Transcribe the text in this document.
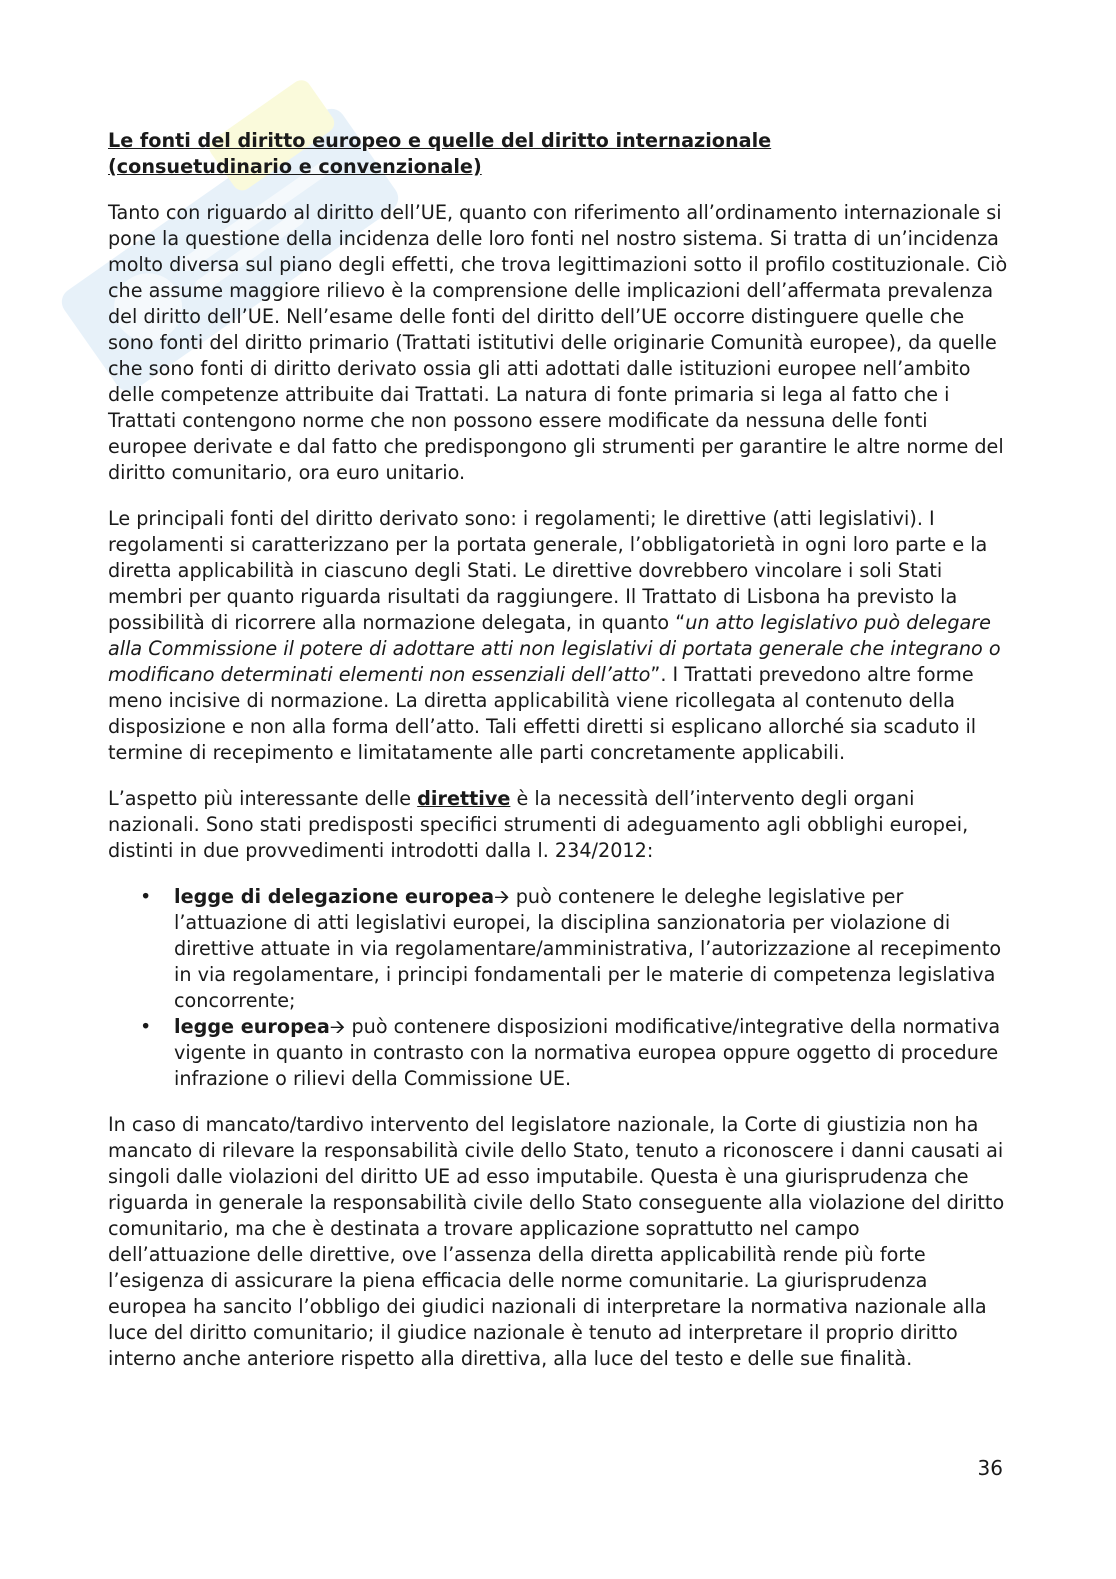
Le fonti del diritto europeo e quelle del diritto internazionale
(consuetudinario e convenzionale)

Tanto con riguardo al diritto dell’UE, quanto con riferimento all’ordinamento internazionale si pone la questione della incidenza delle loro fonti nel nostro sistema. Si tratta di un’incidenza molto diversa sul piano degli effetti, che trova legittimazioni sotto il profilo costituzionale. Ciò che assume maggiore rilievo è la comprensione delle implicazioni dell’affermata prevalenza del diritto dell’UE. Nell’esame delle fonti del diritto dell’UE occorre distinguere quelle che sono fonti del diritto primario (Trattati istitutivi delle originarie Comunità europee), da quelle che sono fonti di diritto derivato ossia gli atti adottati dalle istituzioni europee nell’ambito delle competenze attribuite dai Trattati. La natura di fonte primaria si lega al fatto che i Trattati contengono norme che non possono essere modificate da nessuna delle fonti europee derivate e dal fatto che predispongono gli strumenti per garantire le altre norme del diritto comunitario, ora euro unitario.

Le principali fonti del diritto derivato sono: i regolamenti; le direttive (atti legislativi). I regolamenti si caratterizzano per la portata generale, l’obbligatorietà in ogni loro parte e la diretta applicabilità in ciascuno degli Stati. Le direttive dovrebbero vincolare i soli Stati membri per quanto riguarda risultati da raggiungere. Il Trattato di Lisbona ha previsto la possibilità di ricorrere alla normazione delegata, in quanto “un atto legislativo può delegare alla Commissione il potere di adottare atti non legislativi di portata generale che integrano o modificano determinati elementi non essenziali dell’atto”. I Trattati prevedono altre forme meno incisive di normazione. La diretta applicabilità viene ricollegata al contenuto della disposizione e non alla forma dell’atto. Tali effetti diretti si esplicano allorché sia scaduto il termine di recepimento e limitatamente alle parti concretamente applicabili.

L’aspetto più interessante delle direttive è la necessità dell’intervento degli organi nazionali. Sono stati predisposti specifici strumenti di adeguamento agli obblighi europei, distinti in due provvedimenti introdotti dalla l. 234/2012:

• legge di delegazione europea🡪 può contenere le deleghe legislative per l’attuazione di atti legislativi europei, la disciplina sanzionatoria per violazione di direttive attuate in via regolamentare/amministrativa, l’autorizzazione al recepimento in via regolamentare, i principi fondamentali per le materie di competenza legislativa concorrente;
• legge europea🡪 può contenere disposizioni modificative/integrative della normativa vigente in quanto in contrasto con la normativa europea oppure oggetto di procedure infrazione o rilievi della Commissione UE.

In caso di mancato/tardivo intervento del legislatore nazionale, la Corte di giustizia non ha mancato di rilevare la responsabilità civile dello Stato, tenuto a riconoscere i danni causati ai singoli dalle violazioni del diritto UE ad esso imputabile. Questa è una giurisprudenza che riguarda in generale la responsabilità civile dello Stato conseguente alla violazione del diritto comunitario, ma che è destinata a trovare applicazione soprattutto nel campo dell’attuazione delle direttive, ove l’assenza della diretta applicabilità rende più forte l’esigenza di assicurare la piena efficacia delle norme comunitarie. La giurisprudenza europea ha sancito l’obbligo dei giudici nazionali di interpretare la normativa nazionale alla luce del diritto comunitario; il giudice nazionale è tenuto ad interpretare il proprio diritto interno anche anteriore rispetto alla direttiva, alla luce del testo e delle sue finalità.

36
